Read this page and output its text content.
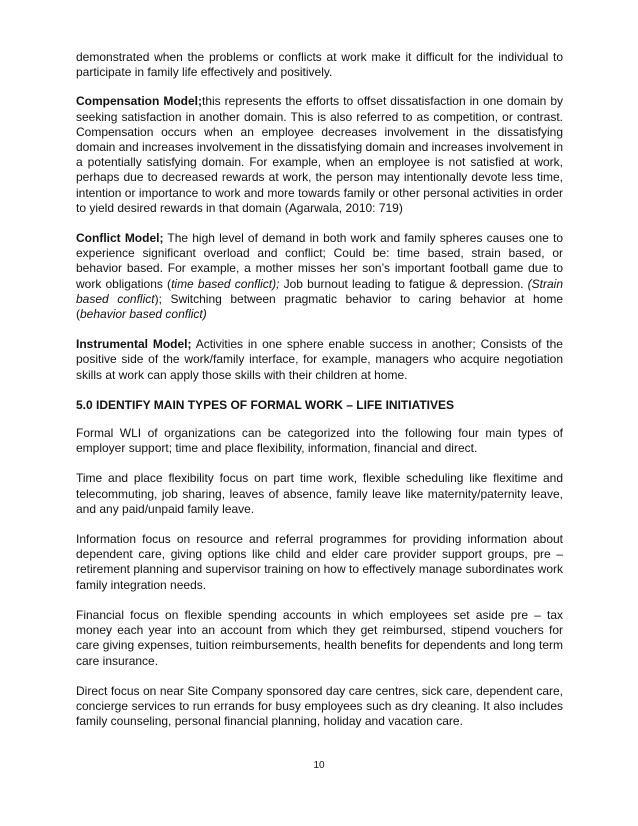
demonstrated when the problems or conflicts at work make it difficult for the individual to participate in family life effectively and positively.

Compensation Model;this represents the efforts to offset dissatisfaction in one domain by seeking satisfaction in another domain. This is also referred to as competition, or contrast. Compensation occurs when an employee decreases involvement in the dissatisfying domain and increases involvement in the dissatisfying domain and increases involvement in a potentially satisfying domain. For example, when an employee is not satisfied at work, perhaps due to decreased rewards at work, the person may intentionally devote less time, intention or importance to work and more towards family or other personal activities in order to yield desired rewards in that domain (Agarwala, 2010: 719)

Conflict Model; The high level of demand in both work and family spheres causes one to experience significant overload and conflict; Could be: time based, strain based, or behavior based. For example, a mother misses her son’s important football game due to work obligations (time based conflict); Job burnout leading to fatigue & depression. (Strain based conflict); Switching between pragmatic behavior to caring behavior at home (behavior based conflict)

Instrumental Model; Activities in one sphere enable success in another; Consists of the positive side of the work/family interface, for example, managers who acquire negotiation skills at work can apply those skills with their children at home.

5.0 IDENTIFY MAIN TYPES OF FORMAL WORK – LIFE INITIATIVES

Formal WLI of organizations can be categorized into the following four main types of employer support; time and place flexibility, information, financial and direct.

Time and place flexibility focus on part time work, flexible scheduling like flexitime and telecommuting, job sharing, leaves of absence, family leave like maternity/paternity leave, and any paid/unpaid family leave.

Information focus on resource and referral programmes for providing information about dependent care, giving options like child and elder care provider support groups, pre – retirement planning and supervisor training on how to effectively manage subordinates work family integration needs.

Financial focus on flexible spending accounts in which employees set aside pre – tax money each year into an account from which they get reimbursed, stipend vouchers for care giving expenses, tuition reimbursements, health benefits for dependents and long term care insurance.

Direct focus on near Site Company sponsored day care centres, sick care, dependent care, concierge services to run errands for busy employees such as dry cleaning. It also includes family counseling, personal financial planning, holiday and vacation care.

10
